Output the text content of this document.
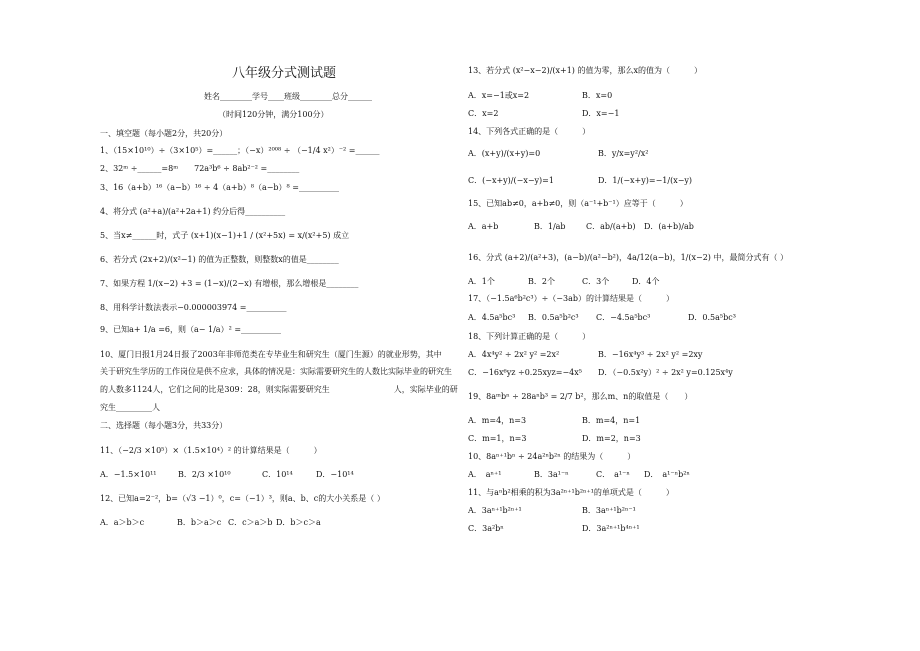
八年级分式测试题
姓名________学号____班级________总分______
（时间120分钟，满分100分）
一、填空题（每小题2分，共20分）
1、（15×10¹⁰）÷（3×10⁵）=______；（−x）²⁰⁰⁸ ÷ （−1/4 x²）⁻² =______
2、32ᵐ ÷______=8ᵐ　　72a³b⁶ ÷ 8ab²⁻² =________
3、16（a+b）¹⁶（a−b）¹⁶ ÷ 4（a+b）⁸（a−b）⁸ =__________
4、将分式 (a²+a)/(a²+2a+1) 约分后得__________
5、当x≠______时，式子 (x+1)(x−1)+1 / (x²+5x) = x/(x²+5) 成立
6、若分式 (2x+2)/(x²−1) 的值为正整数，则整数x的值是________
7、如果方程 1/(x−2) +3 = (1−x)/(2−x) 有增根，那么增根是________
8、用科学计数法表示−0.000003974 =__________
9、已知a+ 1/a =6，则（a− 1/a）² =__________
10、厦门日报1月24日报了2003年非师范类在专毕业生和研究生（厦门生源）的就业形势，其中
关于研究生学历的工作岗位是供不应求，具体的情况是：实际需要研究生的人数比实际毕业的研究生
的人数多1124人，它们之间的比是309：28，则实际需要研究生　　　　　　　　人，实际毕业的研
究生_________人
二、选择题（每小题3分，共33分）
11、（−2/3 ×10⁵）×（1.5×10⁴）² 的计算结果是（　　　）
A．−1.5×10¹¹	B．2/3 ×10¹⁰	C．10¹⁴	D．−10¹⁴
12、已知a=2⁻²，b=（√3 −1）⁰，c=（−1）³，则a、b、c的大小关系是（ ）
A．a＞b＞c	B．b＞a＞c C．c＞a＞b D．b＞c＞a
13、若分式 (x²−x−2)/(x+1) 的值为零，那么x的值为（　　　）
A．x=−1或x=2	B．x=0
C．x=2	D．x=−1
14、下列各式正确的是（　　　）
A．(x+y)/(x+y)=0	B．y/x=y²/x²
C．(−x+y)/(−x−y)=1	D．1/(−x+y)=−1/(x−y)
15、已知ab≠0，a+b≠0，则（a⁻¹+b⁻¹）应等于（　　　）
A．a+b	B．1/ab	C．ab/(a+b) D．(a+b)/ab
16、分式 (a+2)/(a²+3)，(a−b)/(a²−b²)，4a/12(a−b)，1/(x−2) 中，最简分式有（ ）
A．1个	B．2个	C．3个	D．4个
17、（−1.5a⁶b²c³）÷（−3ab）的计算结果是（　　　）
A．4.5a⁵bc³ B．0.5a⁵b²c³ C．−4.5a⁵bc³	D．0.5a⁵bc³
18、下列计算正确的是（　　　）
A．4x⁴y² ÷ 2x² y² =2x²	B．−16x⁴y³ ÷ 2x² y² =2xy
C．−16x⁶yz ÷0.25xyz=−4x⁵ D．（−0.5x²y）² ÷ 2x² y=0.125x⁴y
19、8aᵐbⁿ ÷ 28aⁿb³ = 2/7 b²，那么m、n的取值是（　　）
A．m=4，n=3	B．m=4，n=1
C．m=1，n=3	D．m=2，n=3
10、8aⁿ⁺¹bⁿ ÷ 24a²ⁿb²ⁿ 的结果为（　　　）
A．　aⁿ⁺¹	B．3a¹⁻ⁿ	C．　a¹⁻ⁿ D．　a¹⁻ⁿb²ⁿ
11、与aⁿb²相乘的积为3a²ⁿ⁺¹b²ⁿ⁺¹的单项式是（　　　）
A．3aⁿ⁺¹b²ⁿ⁺¹	B．3aⁿ⁺¹b²ⁿ⁻¹
C．3a²bⁿ	D．3a²ⁿ⁺¹b⁴ⁿ⁺¹
